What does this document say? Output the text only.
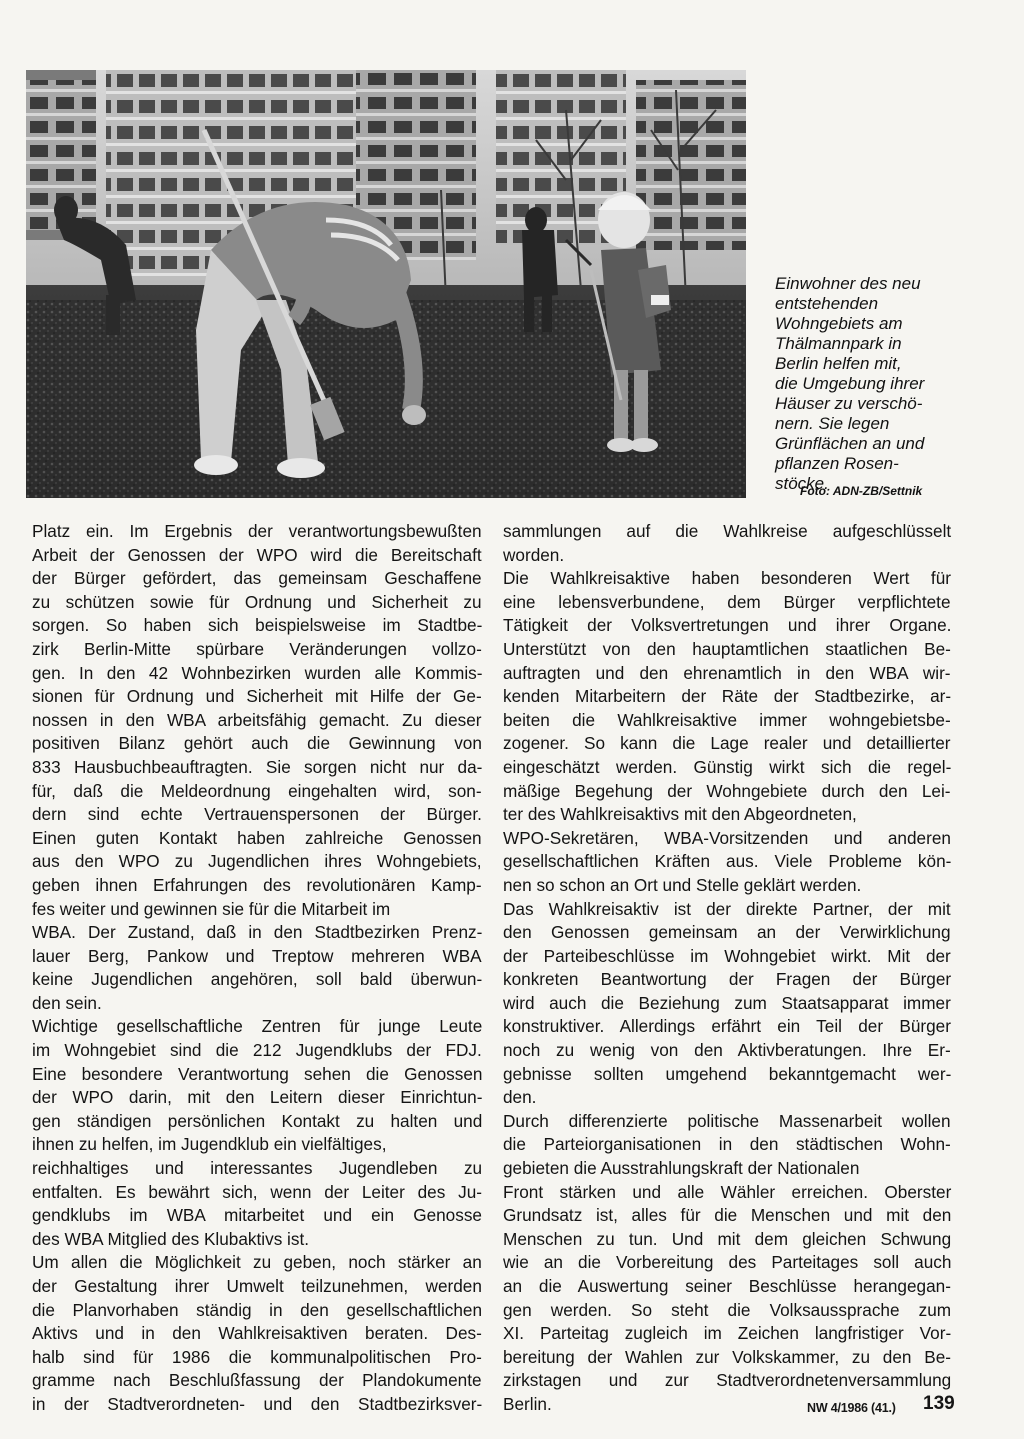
Einwohner des neu
entstehenden
Wohngebiets am
Thälmannpark in
Berlin helfen mit,
die Umgebung ihrer
Häuser zu verschö-
nern. Sie legen
Grünflächen an und
pflanzen Rosen-
stöcke.
Foto: ADN-ZB/Settnik
Platz ein. Im Ergebnis der verantwortungsbewußten
Arbeit der Genossen der WPO wird die Bereitschaft
der Bürger gefördert, das gemeinsam Geschaffene
zu schützen sowie für Ordnung und Sicherheit zu
sorgen. So haben sich beispielsweise im Stadtbe-
zirk Berlin-Mitte spürbare Veränderungen vollzo-
gen. In den 42 Wohnbezirken wurden alle Kommis-
sionen für Ordnung und Sicherheit mit Hilfe der Ge-
nossen in den WBA arbeitsfähig gemacht. Zu dieser
positiven Bilanz gehört auch die Gewinnung von
833 Hausbuchbeauftragten. Sie sorgen nicht nur da-
für, daß die Meldeordnung eingehalten wird, son-
dern sind echte Vertrauenspersonen der Bürger.
Einen guten Kontakt haben zahlreiche Genossen
aus den WPO zu Jugendlichen ihres Wohngebiets,
geben ihnen Erfahrungen des revolutionären Kamp-
fes weiter und gewinnen sie für die Mitarbeit im
WBA. Der Zustand, daß in den Stadtbezirken Prenz-
lauer Berg, Pankow und Treptow mehreren WBA
keine Jugendlichen angehören, soll bald überwun-
den sein.
Wichtige gesellschaftliche Zentren für junge Leute
im Wohngebiet sind die 212 Jugendklubs der FDJ.
Eine besondere Verantwortung sehen die Genossen
der WPO darin, mit den Leitern dieser Einrichtun-
gen ständigen persönlichen Kontakt zu halten und
ihnen zu helfen, im Jugendklub ein vielfältiges,
reichhaltiges und interessantes Jugendleben zu
entfalten. Es bewährt sich, wenn der Leiter des Ju-
gendklubs im WBA mitarbeitet und ein Genosse
des WBA Mitglied des Klubaktivs ist.
Um allen die Möglichkeit zu geben, noch stärker an
der Gestaltung ihrer Umwelt teilzunehmen, werden
die Planvorhaben ständig in den gesellschaftlichen
Aktivs und in den Wahlkreisaktiven beraten. Des-
halb sind für 1986 die kommunalpolitischen Pro-
gramme nach Beschlußfassung der Plandokumente
in der Stadtverordneten- und den Stadtbezirksver-
sammlungen auf die Wahlkreise aufgeschlüsselt
worden.
Die Wahlkreisaktive haben besonderen Wert für
eine lebensverbundene, dem Bürger verpflichtete
Tätigkeit der Volksvertretungen und ihrer Organe.
Unterstützt von den hauptamtlichen staatlichen Be-
auftragten und den ehrenamtlich in den WBA wir-
kenden Mitarbeitern der Räte der Stadtbezirke, ar-
beiten die Wahlkreisaktive immer wohngebietsbe-
zogener. So kann die Lage realer und detaillierter
eingeschätzt werden. Günstig wirkt sich die regel-
mäßige Begehung der Wohngebiete durch den Lei-
ter des Wahlkreisaktivs mit den Abgeordneten,
WPO-Sekretären, WBA-Vorsitzenden und anderen
gesellschaftlichen Kräften aus. Viele Probleme kön-
nen so schon an Ort und Stelle geklärt werden.
Das Wahlkreisaktiv ist der direkte Partner, der mit
den Genossen gemeinsam an der Verwirklichung
der Parteibeschlüsse im Wohngebiet wirkt. Mit der
konkreten Beantwortung der Fragen der Bürger
wird auch die Beziehung zum Staatsapparat immer
konstruktiver. Allerdings erfährt ein Teil der Bürger
noch zu wenig von den Aktivberatungen. Ihre Er-
gebnisse sollten umgehend bekanntgemacht wer-
den.
Durch differenzierte politische Massenarbeit wollen
die Parteiorganisationen in den städtischen Wohn-
gebieten die Ausstrahlungskraft der Nationalen
Front stärken und alle Wähler erreichen. Oberster
Grundsatz ist, alles für die Menschen und mit den
Menschen zu tun. Und mit dem gleichen Schwung
wie an die Vorbereitung des Parteitages soll auch
an die Auswertung seiner Beschlüsse herangegan-
gen werden. So steht die Volksaussprache zum
XI. Parteitag zugleich im Zeichen langfristiger Vor-
bereitung der Wahlen zur Volkskammer, zu den Be-
zirkstagen und zur Stadtverordnetenversammlung
Berlin.	NW 4/1986 (41.) 139
